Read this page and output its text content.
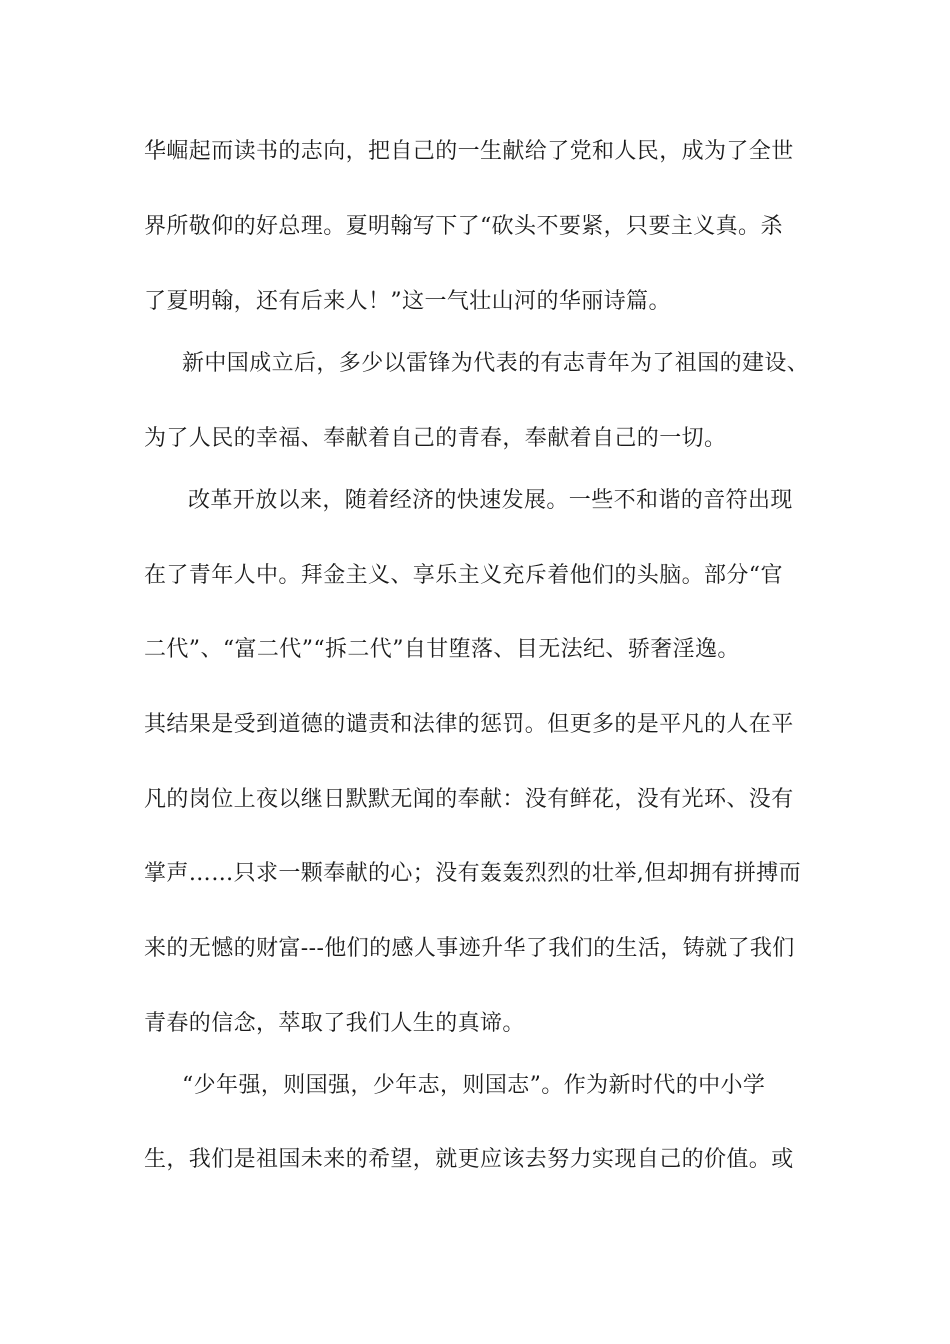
华崛起而读书的志向，把自己的一生献给了党和人民，成为了全世
界所敬仰的好总理。夏明翰写下了“砍头不要紧，只要主义真。杀
了夏明翰，还有后来人！”这一气壮山河的华丽诗篇。
新中国成立后，多少以雷锋为代表的有志青年为了祖国的建设、
为了人民的幸福、奉献着自己的青春，奉献着自己的一切。
改革开放以来，随着经济的快速发展。一些不和谐的音符出现
在了青年人中。拜金主义、享乐主义充斥着他们的头脑。部分“官
二代”、“富二代”“拆二代”自甘堕落、目无法纪、骄奢淫逸。
其结果是受到道德的谴责和法律的惩罚。但更多的是平凡的人在平
凡的岗位上夜以继日默默无闻的奉献：没有鲜花，没有光环、没有
掌声……只求一颗奉献的心；没有轰轰烈烈的壮举,但却拥有拼搏而
来的无憾的财富---他们的感人事迹升华了我们的生活，铸就了我们
青春的信念，萃取了我们人生的真谛。
“少年强，则国强，少年志，则国志”。作为新时代的中小学
生，我们是祖国未来的希望，就更应该去努力实现自己的价值。或
